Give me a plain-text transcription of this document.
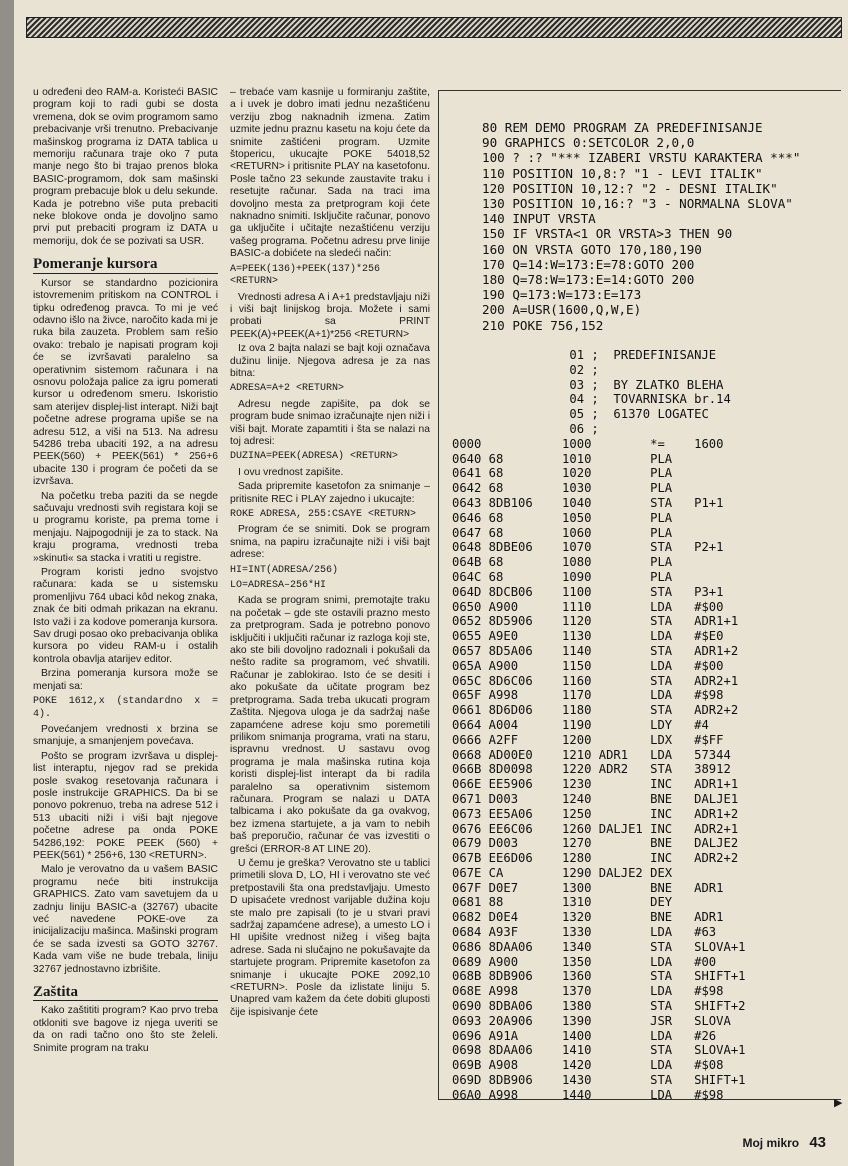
u određeni deo RAM-a. Koristeći BASIC program koji to radi gubi se dosta vremena, dok se ovim programom samo prebacivanje vrši trenutno. Prebacivanje mašinskog programa iz DATA tablica u memoriju računara traje oko 7 puta manje nego što bi trajao prenos bloka BASIC-programom, dok sam mašinski program prebacuje blok u delu sekunde. Kada je potrebno više puta prebaciti neke blokove onda je dovoljno samo prvi put prebaciti program iz DATA u memoriju, dok će se pozivati sa USR.

Pomeranje kursora

Kursor se standardno pozicionira istovremenim pritiskom na CONTROL i tipku određenog pravca. To mi je već odavno išlo na živce, naročito kada mi je ruka bila zauzeta. Problem sam rešio ovako: trebalo je napisati program koji će se izvršavati paralelno sa operativnim sistemom računara i na osnovu položaja palice za igru pomerati kursor u određenom smeru. Iskoristio sam aterijev displej-list interapt. Niži bajt početne adrese programa upiše se na adresu 512, a viši na 513. Na adresu 54286 treba ubaciti 192, a na adresu PEEK(560) + PEEK(561) * 256+6 ubacite 130 i program će početi da se izvršava.

Na početku treba paziti da se negde sačuvaju vrednosti svih registara koji se u programu koriste, pa prema tome i menjaju. Najpogodniji je za to stack. Na kraju programa, vrednosti treba »skinuti« sa stacka i vratiti u registre.

Program koristi jedno svojstvo računara: kada se u sistemsku promenljivu 764 ubaci kôd nekog znaka, znak će biti odmah prikazan na ekranu. Isto važi i za kodove pomeranja kursora. Sav drugi posao oko prebacivanja oblika kursora po videu RAM-u i ostalih kontrola obavlja atarijev editor.

Brzina pomeranja kursora može se menjati sa:

POKE 1612,x (standardno x = 4).

Povećanjem vrednosti x brzina se smanjuje, a smanjenjem povećava.

Pošto se program izvršava u displej-list interaptu, njegov rad se prekida posle svakog resetovanja računara i posle instrukcije GRAPHICS. Da bi se ponovo pokrenuo, treba na adrese 512 i 513 ubaciti niži i viši bajt njegove početne adrese pa onda POKE 54286,192: POKE PEEK (560) + PEEK(561) * 256+6, 130 <RETURN>.

Malo je verovatno da u vašem BASIC programu neće biti instrukcija GRAPHICS. Zato vam savetujem da u zadnju liniju BASIC-a (32767) ubacite već navedene POKE-ove za inicijalizaciju mašinca. Mašinski program će se sada izvesti sa GOTO 32767. Kada vam više ne bude trebala, liniju 32767 jednostavno izbrišite.

Zaštita

Kako zaštititi program? Kao prvo treba otkloniti sve bagove iz njega uveriti se da on radi tačno ono što ste želeli. Snimite program na traku

– trebaće vam kasnije u formiranju zaštite, a i uvek je dobro imati jednu nezaštićenu verziju zbog naknadnih izmena. Zatim uzmite jednu praznu kasetu na koju ćete da snimite zaštićeni program. Uzmite štopericu, ukucajte POKE 54018,52 <RETURN> i pritisnite PLAY na kasetofonu. Posle tačno 23 sekunde zaustavite traku i resetujte računar. Sada na traci ima dovoljno mesta za pretprogram koji ćete naknadno snimiti. Isključite računar, ponovo ga uključite i učitajte nezaštićenu verziju vašeg programa. Početnu adresu prve linije BASIC-a dobićete na sledeći način:

A=PEEK(136)+PEEK(137)*256 <RETURN>

Vrednosti adresa A i A+1 predstavljaju niži i viši bajt linijskog broja. Možete i sami probati sa PRINT PEEK(A)+PEEK(A+1)*256 <RETURN>

Iz ova 2 bajta nalazi se bajt koji označava dužinu linije. Njegova adresa je za nas bitna:

ADRESA=A+2 <RETURN>

Adresu negde zapišite, pa dok se program bude snimao izračunajte njen niži i viši bajt. Morate zapamtiti i šta se nalazi na toj adresi:

DUZINA=PEEK(ADRESA) <RETURN>

I ovu vrednost zapišite.

Sada pripremite kasetofon za snimanje – pritisnite REC i PLAY zajedno i ukucajte:

ROKE ADRESA, 255:CSAYE <RETURN>

Program će se snimiti. Dok se program snima, na papiru izračunajte niži i viši bajt adrese:

HI=INT(ADRESA/256)

LO=ADRESA–256*HI

Kada se program snimi, premotajte traku na početak – gde ste ostavili prazno mesto za pretprogram. Sada je potrebno ponovo isključiti i uključiti računar iz razloga koji ste, ako ste bili dovoljno radoznali i pokušali da nešto radite sa programom, već shvatili. Računar je zablokirao. Isto će se desiti i ako pokušate da učitate program bez pretprograma. Sada treba ukucati program Zaštita. Njegova uloga je da sadržaj naše zapamćene adrese koju smo poremetili prilikom snimanja programa, vrati na staru, ispravnu vrednost. U sastavu ovog programa je mala mašinska rutina koja koristi displej-list interapt da bi radila paralelno sa operativnim sistemom računara. Program se nalazi u DATA talbicama i ako pokušate da ga ovakvog, bez izmena startujete, a ja vam to nebih baš preporučio, računar će vas izvestiti o grešci (ERROR-8 AT LINE 20).

U čemu je greška? Verovatno ste u tablici primetili slova D, LO, HI i verovatno ste već pretpostavili šta ona predstavljaju. Umesto D upisaćete vrednost varijable dužina koju ste malo pre zapisali (to je u stvari pravi sadržaj zapamćene adrese), a umesto LO i HI upišite vrednost nižeg i višeg bajta adrese. Sada ni slučajno ne pokušavajte da startujete program. Pripremite kasetofon za snimanje i ukucajte POKE 2092,10 <RETURN>. Posle da izlistate liniju 5. Unapred vam kažem da ćete dobiti gluposti čije ispisivanje ćete

80 REM DEMO PROGRAM ZA PREDEFINISANJE
90 GRAPHICS 0:SETCOLOR 2,0,0
100 ? :? "*** IZABERI VRSTU KARAKTERA ***"
110 POSITION 10,8:? "1 - LEVI ITALIK"
120 POSITION 10,12:? "2 - DESNI ITALIK"
130 POSITION 10,16:? "3 - NORMALNA SLOVA"
140 INPUT VRSTA
150 IF VRSTA<1 OR VRSTA>3 THEN 90
160 ON VRSTA GOTO 170,180,190
170 Q=14:W=173:E=78:GOTO 200
180 Q=78:W=173:E=14:GOTO 200
190 Q=173:W=173:E=173
200 A=USR(1600,Q,W,E)
210 POKE 756,152
01 ;  PREDEFINISANJE
02 ;
03 ;  BY ZLATKO BLEHA
04 ;  TOVARNISKA br.14
05 ;  61370 LOGATEC
06 ;
0000           1000        *=    1600
0640 68        1010        PLA
0641 68        1020        PLA
0642 68        1030        PLA
0643 8DB106    1040        STA   P1+1
0646 68        1050        PLA
0647 68        1060        PLA
0648 8DBE06    1070        STA   P2+1
064B 68        1080        PLA
064C 68        1090        PLA
064D 8DCB06    1100        STA   P3+1
0650 A900      1110        LDA   #$00
0652 8D5906    1120        STA   ADR1+1
0655 A9E0      1130        LDA   #$E0
0657 8D5A06    1140        STA   ADR1+2
065A A900      1150        LDA   #$00
065C 8D6C06    1160        STA   ADR2+1
065F A998      1170        LDA   #$98
0661 8D6D06    1180        STA   ADR2+2
0664 A004      1190        LDY   #4
0666 A2FF      1200        LDX   #$FF
0668 AD00E0    1210 ADR1   LDA   57344
066B 8D0098    1220 ADR2   STA   38912
066E EE5906    1230        INC   ADR1+1
0671 D003      1240        BNE   DALJE1
0673 EE5A06    1250        INC   ADR1+2
0676 EE6C06    1260 DALJE1 INC   ADR2+1
0679 D003      1270        BNE   DALJE2
067B EE6D06    1280        INC   ADR2+2
067E CA        1290 DALJE2 DEX
067F D0E7      1300        BNE   ADR1
0681 88        1310        DEY
0682 D0E4      1320        BNE   ADR1
0684 A93F      1330        LDA   #63
0686 8DAA06    1340        STA   SLOVA+1
0689 A900      1350        LDA   #00
068B 8DB906    1360        STA   SHIFT+1
068E A998      1370        LDA   #$98
0690 8DBA06    1380        STA   SHIFT+2
0693 20A906    1390        JSR   SLOVA
0696 A91A      1400        LDA   #26
0698 8DAA06    1410        STA   SLOVA+1
069B A908      1420        LDA   #$08
069D 8DB906    1430        STA   SHIFT+1
06A0 A998      1440        LDA   #$98
▶
Moj mikro 43
